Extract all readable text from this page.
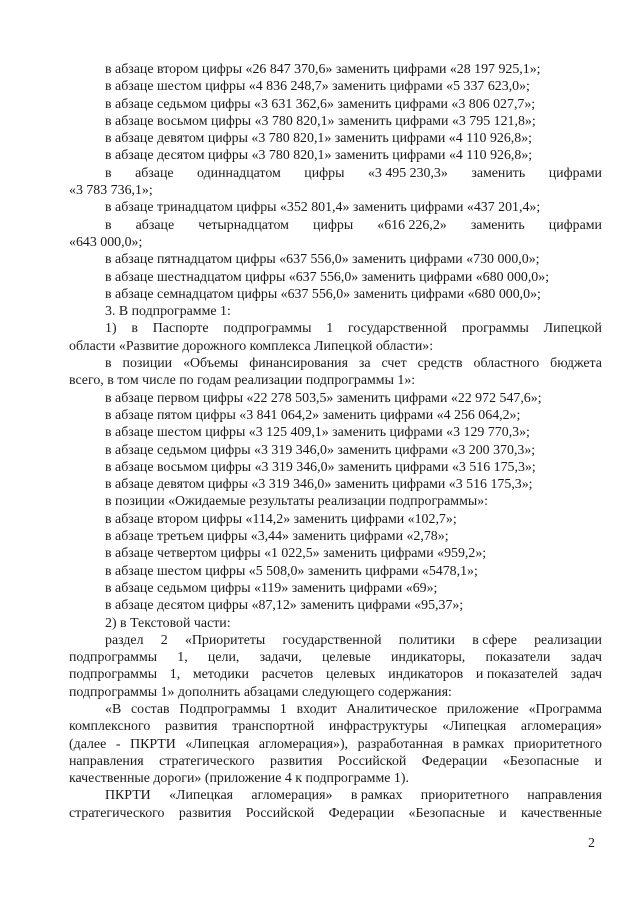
в абзаце втором цифры «26 847 370,6» заменить цифрами «28 197 925,1»;
в абзаце шестом цифры «4 836 248,7» заменить цифрами «5 337 623,0»;
в абзаце седьмом цифры «3 631 362,6» заменить цифрами «3 806 027,7»;
в абзаце восьмом цифры «3 780 820,1» заменить цифрами «3 795 121,8»;
в абзаце девятом цифры «3 780 820,1» заменить цифрами «4 110 926,8»;
в абзаце десятом цифры «3 780 820,1» заменить цифрами «4 110 926,8»;
в абзаце одиннадцатом цифры «3 495 230,3» заменить цифрами
«3 783 736,1»;
в абзаце тринадцатом цифры «352 801,4» заменить цифрами «437 201,4»;
в абзаце четырнадцатом цифры «616 226,2» заменить цифрами
«643 000,0»;
в абзаце пятнадцатом цифры «637 556,0» заменить цифрами «730 000,0»;
в абзаце шестнадцатом цифры «637 556,0» заменить цифрами «680 000,0»;
в абзаце семнадцатом цифры «637 556,0» заменить цифрами «680 000,0»;
3. В подпрограмме 1:
1) в Паспорте подпрограммы 1 государственной программы Липецкой
области «Развитие дорожного комплекса Липецкой области»:
в позиции «Объемы финансирования за счет средств областного бюджета
всего, в том числе по годам реализации подпрограммы 1»:
в абзаце первом цифры «22 278 503,5» заменить цифрами «22 972 547,6»;
в абзаце пятом цифры «3 841 064,2» заменить цифрами «4 256 064,2»;
в абзаце шестом цифры «3 125 409,1» заменить цифрами «3 129 770,3»;
в абзаце седьмом цифры «3 319 346,0» заменить цифрами «3 200 370,3»;
в абзаце восьмом цифры «3 319 346,0» заменить цифрами «3 516 175,3»;
в абзаце девятом цифры «3 319 346,0» заменить цифрами «3 516 175,3»;
в позиции «Ожидаемые результаты реализации подпрограммы»:
в абзаце втором цифры «114,2» заменить цифрами «102,7»;
в абзаце третьем цифры «3,44» заменить цифрами «2,78»;
в абзаце четвертом цифры «1 022,5» заменить цифрами «959,2»;
в абзаце шестом цифры «5 508,0» заменить цифрами «5478,1»;
в абзаце седьмом цифры «119» заменить цифрами «69»;
в абзаце десятом цифры «87,12» заменить цифрами «95,37»;
2) в Текстовой части:
раздел 2 «Приоритеты государственной политики в сфере реализации
подпрограммы 1, цели, задачи, целевые индикаторы, показатели задач
подпрограммы 1, методики расчетов целевых индикаторов и показателей задач
подпрограммы 1» дополнить абзацами следующего содержания:
«В состав Подпрограммы 1 входит Аналитическое приложение «Программа
комплексного развития транспортной инфраструктуры «Липецкая агломерация»
(далее - ПКРТИ «Липецкая агломерация»), разработанная в рамках приоритетного
направления стратегического развития Российской Федерации «Безопасные и
качественные дороги» (приложение 4 к подпрограмме 1).
ПКРТИ «Липецкая агломерация» в рамках приоритетного направления
стратегического развития Российской Федерации «Безопасные и качественные
2
